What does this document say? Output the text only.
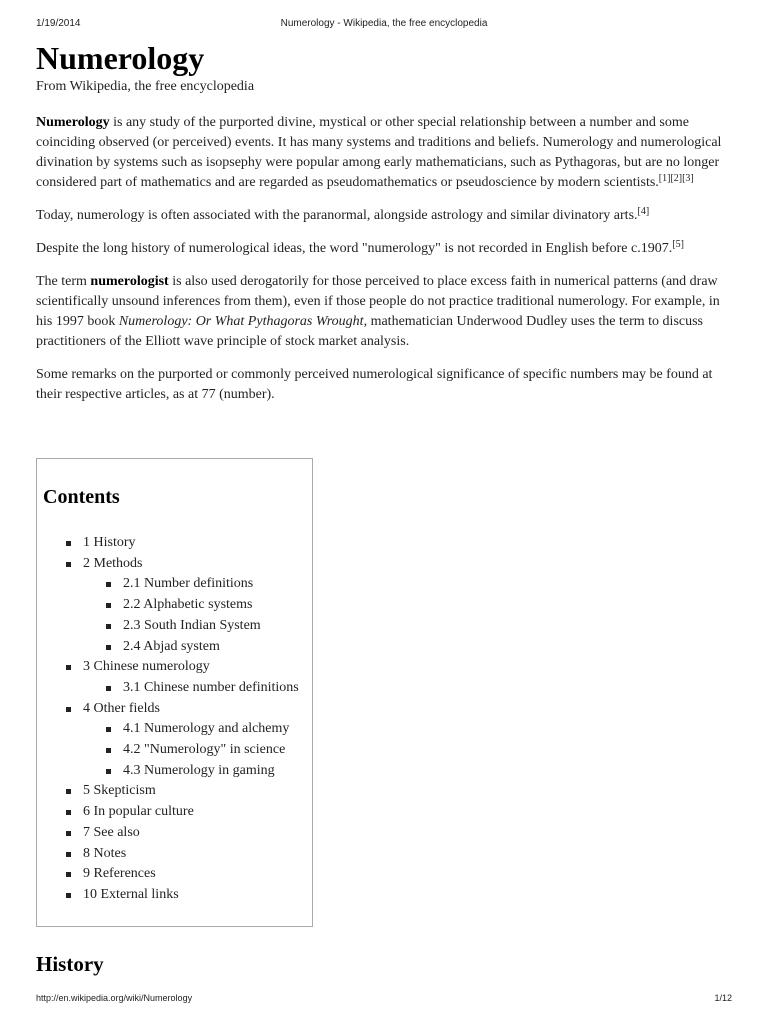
1/19/2014	Numerology - Wikipedia, the free encyclopedia
Numerology
From Wikipedia, the free encyclopedia

Numerology is any study of the purported divine, mystical or other special relationship between a number and some coinciding observed (or perceived) events. It has many systems and traditions and beliefs. Numerology and numerological divination by systems such as isopsephy were popular among early mathematicians, such as Pythagoras, but are no longer considered part of mathematics and are regarded as pseudomathematics or pseudoscience by modern scientists.[1][2][3]

Today, numerology is often associated with the paranormal, alongside astrology and similar divinatory arts.[4]

Despite the long history of numerological ideas, the word "numerology" is not recorded in English before c.1907.[5]

The term numerologist is also used derogatorily for those perceived to place excess faith in numerical patterns (and draw scientifically unsound inferences from them), even if those people do not practice traditional numerology. For example, in his 1997 book Numerology: Or What Pythagoras Wrought, mathematician Underwood Dudley uses the term to discuss practitioners of the Elliott wave principle of stock market analysis.

Some remarks on the purported or commonly perceived numerological significance of specific numbers may be found at their respective articles, as at 77 (number).

Contents
1 History
2 Methods
2.1 Number definitions
2.2 Alphabetic systems
2.3 South Indian System
2.4 Abjad system
3 Chinese numerology
3.1 Chinese number definitions
4 Other fields
4.1 Numerology and alchemy
4.2 "Numerology" in science
4.3 Numerology in gaming
5 Skepticism
6 In popular culture
7 See also
8 Notes
9 References
10 External links
History
http://en.wikipedia.org/wiki/Numerology	1/12
